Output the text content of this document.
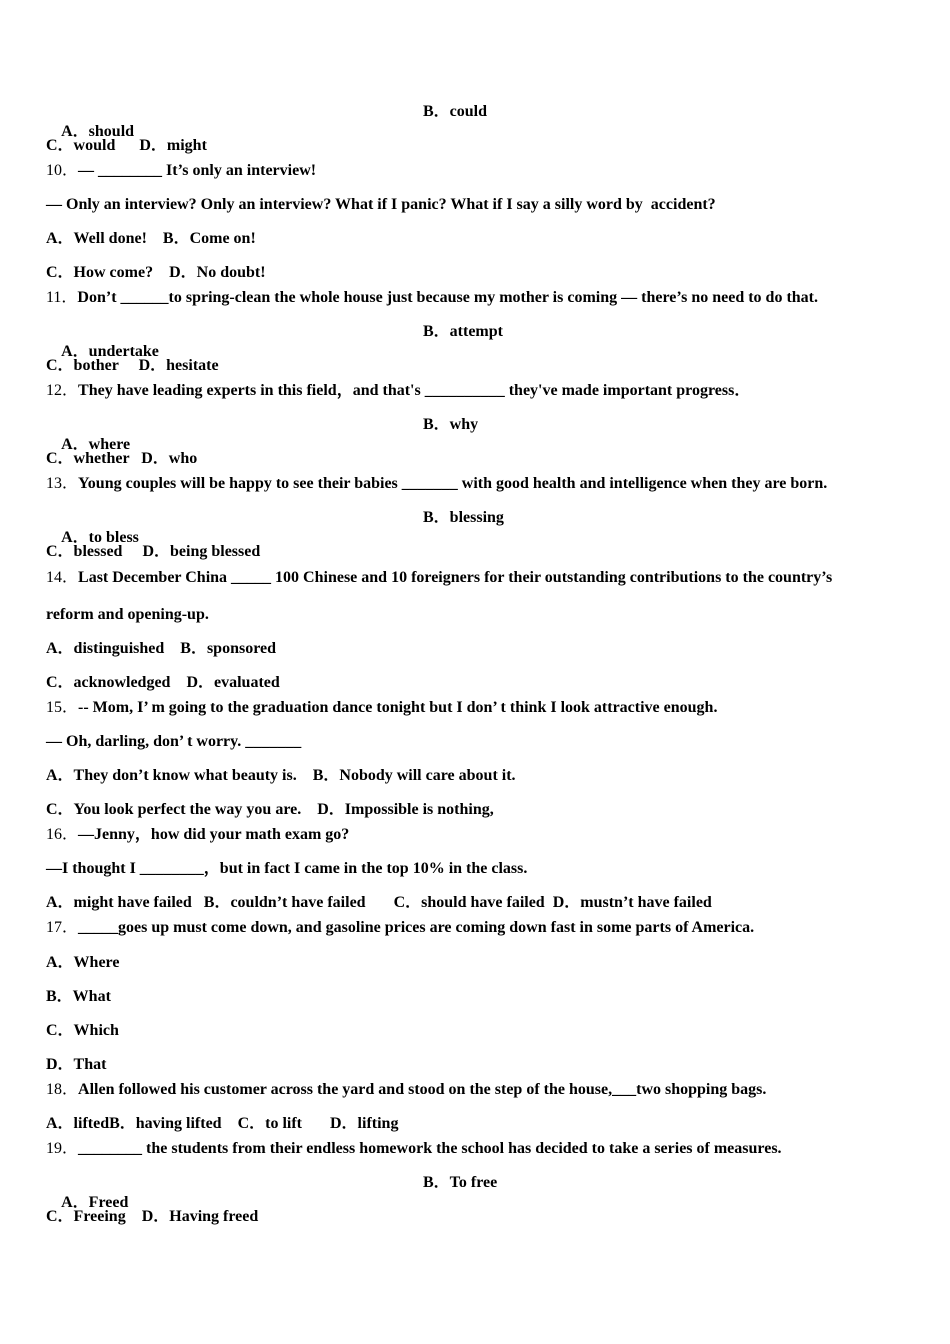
A．should

B．could

C．would      D．might
10．— ________ It’s only an interview!
— Only an interview? Only an interview? What if I panic? What if I say a silly word by  accident?
A．Well done!    B．Come on!
C．How come?    D．No doubt!
11．Don’t ______to spring-clean the whole house just because my mother is coming — there’s no need to do that.

A．undertake

B．attempt

C．bother     D．hesitate
12．They have leading experts in this field，and that's __________ they've made important progress．

A．where

B．why

C．whether   D．who
13．Young couples will be happy to see their babies _______ with good health and intelligence when they are born.

A．to bless

B．blessing

C．blessed     D．being blessed
14．Last December China _____ 100 Chinese and 10 foreigners for their outstanding contributions to the country’s
reform and opening-up.
A．distinguished    B．sponsored
C．acknowledged    D．evaluated
15．-- Mom, I’ m going to the graduation dance tonight but I don’ t think I look attractive enough.
— Oh, darling, don’ t worry. _______
A．They don’t know what beauty is.    B．Nobody will care about it.
C．You look perfect the way you are.    D．Impossible is nothing,
16．—Jenny，how did your math exam go?
—I thought I ________，but in fact I came in the top 10% in the class.
A．might have failed   B．couldn’t have failed       C．should have failed  D．mustn’t have failed
17．_____goes up must come down, and gasoline prices are coming down fast in some parts of America.
A．Where
B．What
C．Which
D．That
18．Allen followed his customer across the yard and stood on the step of the house,___two shopping bags.
A．liftedB．having lifted    C．to lift       D．lifting
19．________ the students from their endless homework the school has decided to take a series of measures.

A．Freed

B．To free

C．Freeing    D．Having freed
